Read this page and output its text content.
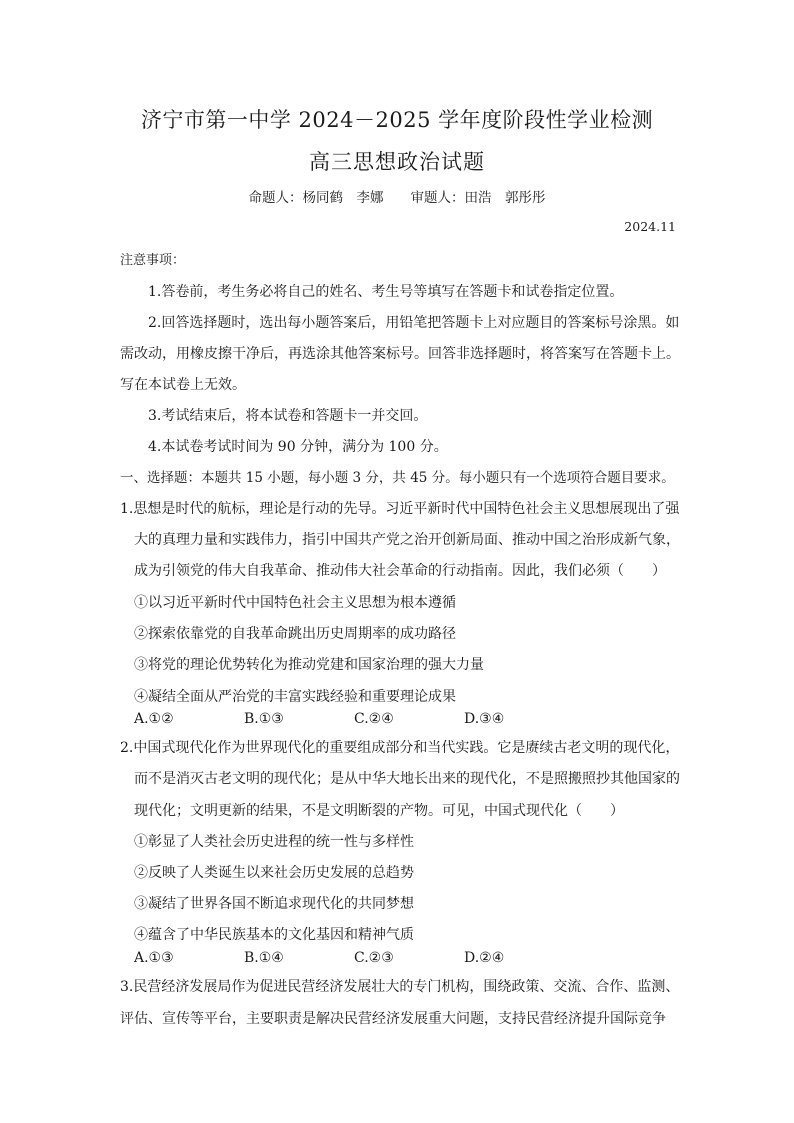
济宁市第一中学 2024－2025 学年度阶段性学业检测
高三思想政治试题
命题人：杨同鹤　李娜　　审题人：田浩　郭彤彤
2024.11
注意事项：
1.答卷前，考生务必将自己的姓名、考生号等填写在答题卡和试卷指定位置。
2.回答选择题时，选出每小题答案后，用铅笔把答题卡上对应题目的答案标号涂黑。如
需改动，用橡皮擦干净后，再选涂其他答案标号。回答非选择题时，将答案写在答题卡上。
写在本试卷上无效。
3.考试结束后，将本试卷和答题卡一并交回。
4.本试卷考试时间为 90 分钟，满分为 100 分。
一、选择题：本题共 15 小题，每小题 3 分，共 45 分。每小题只有一个选项符合题目要求。
1.思想是时代的航标，理论是行动的先导。习近平新时代中国特色社会主义思想展现出了强
大的真理力量和实践伟力，指引中国共产党之治开创新局面、推动中国之治形成新气象，
成为引领党的伟大自我革命、推动伟大社会革命的行动指南。因此，我们必须（　　）
①以习近平新时代中国特色社会主义思想为根本遵循
②探索依靠党的自我革命跳出历史周期率的成功路径
③将党的理论优势转化为推动党建和国家治理的强大力量
④凝结全面从严治党的丰富实践经验和重要理论成果
A.①②	B.①③	C.②④	D.③④
2.中国式现代化作为世界现代化的重要组成部分和当代实践。它是赓续古老文明的现代化，
而不是消灭古老文明的现代化；是从中华大地长出来的现代化，不是照搬照抄其他国家的
现代化；文明更新的结果，不是文明断裂的产物。可见，中国式现代化（　　）
①彰显了人类社会历史进程的统一性与多样性
②反映了人类诞生以来社会历史发展的总趋势
③凝结了世界各国不断追求现代化的共同梦想
④蕴含了中华民族基本的文化基因和精神气质
A.①③	B.①④	C.②③	D.②④
3.民营经济发展局作为促进民营经济发展壮大的专门机构，围绕政策、交流、合作、监测、
评估、宣传等平台，主要职责是解决民营经济发展重大问题，支持民营经济提升国际竞争
